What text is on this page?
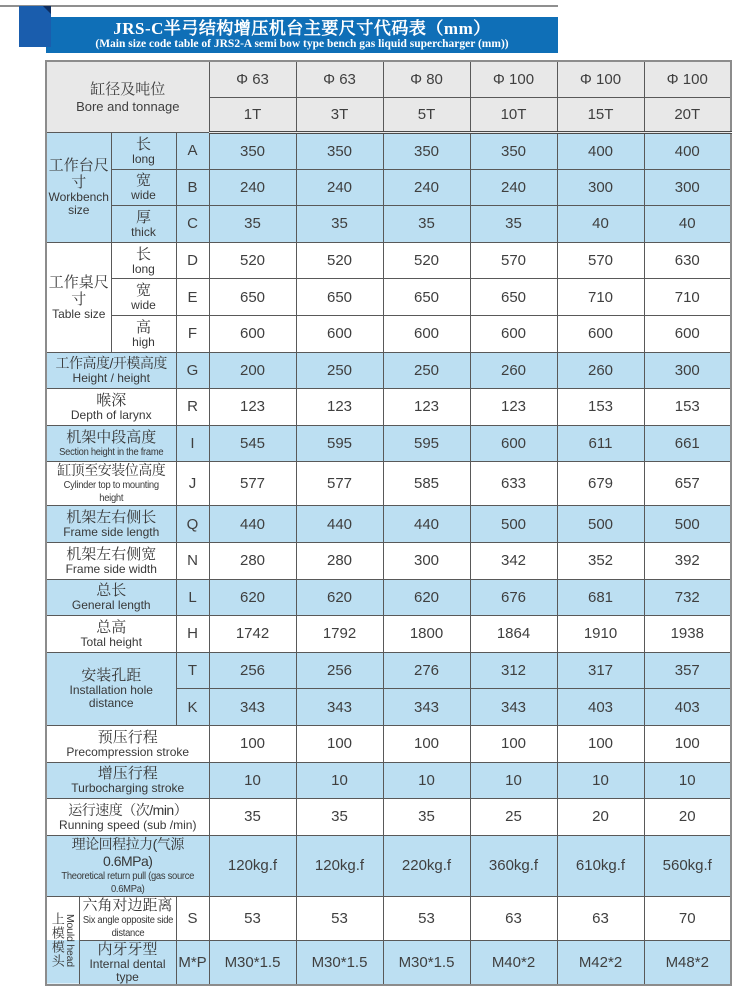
JRS-C半弓结构增压机台主要尺寸代码表（mm）
(Main size code table of JRS2-A semi bow type bench gas liquid supercharger (mm))
缸径及吨位
Bore and tonnage				Φ 63	Φ 63	Φ 80	Φ 100	Φ 100	Φ 100
				1T	3T	5T	10T	15T	20T

工作台尺寸
Workbench size

长
long	A	350	350	350	350	400	400

		宽
wide	B	240	240	240	240	300	300

		厚
thick	C	35	35	35	35	40	40

工作桌尺寸
Table size

长
long	D	520	520	520	570	570	630

		宽
wide	E	650	650	650	650	710	710

		高
high	F	600	600	600	600	600	600

工作高度/开模高度
Height / height			G	200	250	250	260	260	300

喉深
Depth of larynx			R	123	123	123	123	153	153

机架中段高度
Section height in the frame			I	545	595	595	600	611	661

缸顶至安装位高度
Cylinder top to mounting height			J	577	577	585	633	679	657

机架左右侧长
Frame side length			Q	440	440	440	500	500	500

机架左右侧宽
Frame side width			N	280	280	300	342	352	392

总长
General length			L	620	620	620	676	681	732

总高
Total height			H	1742	1792	1800	1864	1910	1938

安装孔距
Installation hole distance			T	256	256	276	312	317	357
			K	343	343	343	343	403	403

预压行程
Precompression stroke				100	100	100	100	100	100

增压行程
Turbocharging stroke				10	10	10	10	10	10

运行速度（次/min）
Running speed (sub /min)				35	35	35	25	20	20

理论回程拉力(气源0.6MPa)
Theoretical return pull (gas source 0.6MPa)				120kg.f	120kg.f	220kg.f	360kg.f	610kg.f	560kg.f

上模模头 Mould head

六角对边距离
Six angle opposite side distance
	S	53	53	53	63	63	70

	内牙牙型
Internal dental type		M*P	M30*1.5	M30*1.5	M30*1.5	M40*2	M42*2	M48*2
